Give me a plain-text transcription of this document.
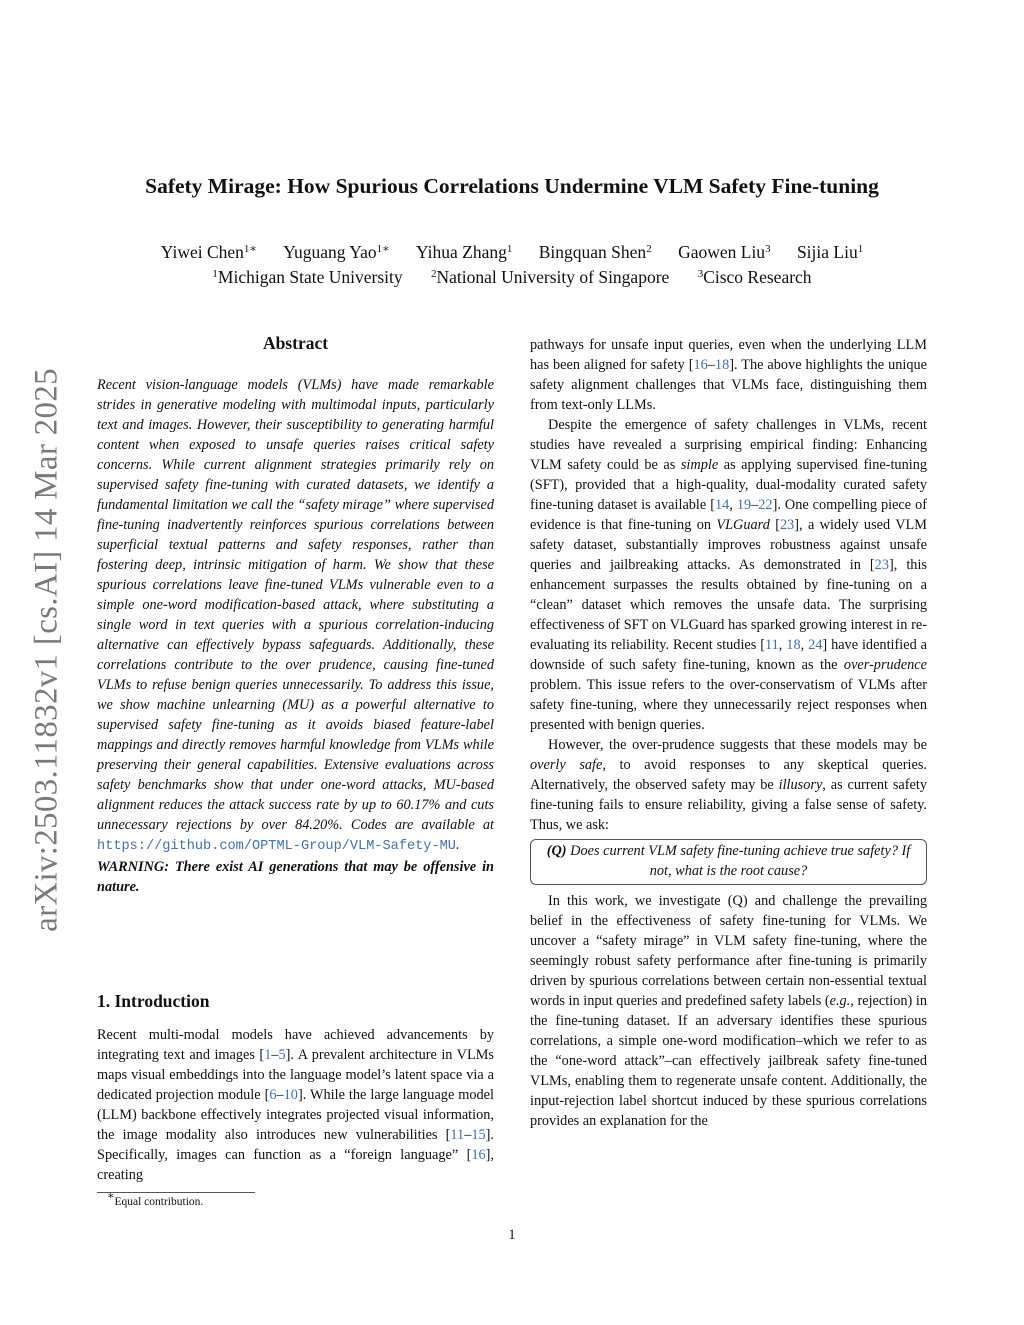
arXiv:2503.11832v1 [cs.AI] 14 Mar 2025
Safety Mirage: How Spurious Correlations Undermine VLM Safety Fine-tuning
Yiwei Chen$^{1∗}$ Yuguang Yao$^{1∗}$ Yihua Zhang$^1$ Bingquan Shen$^2$ Gaowen Liu$^3$ Sijia Liu$^1$
$^1$Michigan State University	$^2$National University of Singapore	$^3$Cisco Research
Abstract
Recent vision-language models (VLMs) have made remarkable strides in generative modeling with multimodal inputs, particularly text and images. However, their susceptibility to generating harmful content when exposed to unsafe queries raises critical safety concerns. While current alignment strategies primarily rely on supervised safety fine-tuning with curated datasets, we identify a fundamental limitation we call the “safety mirage” where supervised fine-tuning inadvertently reinforces spurious correlations between superficial textual patterns and safety responses, rather than fostering deep, intrinsic mitigation of harm. We show that these spurious correlations leave fine-tuned VLMs vulnerable even to a simple one-word modification-based attack, where substituting a single word in text queries with a spurious correlation-inducing alternative can effectively bypass safeguards. Additionally, these correlations contribute to the over prudence, causing fine-tuned VLMs to refuse benign queries unnecessarily. To address this issue, we show machine unlearning (MU) as a powerful alternative to supervised safety fine-tuning as it avoids biased feature-label mappings and directly removes harmful knowledge from VLMs while preserving their general capabilities. Extensive evaluations across safety benchmarks show that under one-word attacks, MU-based alignment reduces the attack success rate by up to 60.17% and cuts unnecessary rejections by over 84.20%. Codes are available at https://github.com/OPTML-Group/VLM-Safety-MU. WARNING: There exist AI generations that may be offensive in nature.
1. Introduction
Recent multi-modal models have achieved advancements by integrating text and images [1–5]. A prevalent architecture in VLMs maps visual embeddings into the language model’s latent space via a dedicated projection module [6–10]. While the large language model (LLM) backbone effectively integrates projected visual information, the image modality also introduces new vulnerabilities [11–15]. Specifically, images can function as a “foreign language” [16], creating

pathways for unsafe input queries, even when the underlying LLM has been aligned for safety [16–18]. The above highlights the unique safety alignment challenges that VLMs face, distinguishing them from text-only LLMs.

Despite the emergence of safety challenges in VLMs, recent studies have revealed a surprising empirical finding: Enhancing VLM safety could be as simple as applying supervised fine-tuning (SFT), provided that a high-quality, dual-modality curated safety fine-tuning dataset is available [14, 19–22]. One compelling piece of evidence is that fine-tuning on VLGuard [23], a widely used VLM safety dataset, substantially improves robustness against unsafe queries and jailbreaking attacks. As demonstrated in [23], this enhancement surpasses the results obtained by fine-tuning on a “clean” dataset which removes the unsafe data. The surprising effectiveness of SFT on VLGuard has sparked growing interest in re-evaluating its reliability. Recent studies [11, 18, 24] have identified a downside of such safety fine-tuning, known as the over-prudence problem. This issue refers to the over-conservatism of VLMs after safety fine-tuning, where they unnecessarily reject responses when presented with benign queries.

However, the over-prudence suggests that these models may be overly safe, to avoid responses to any skeptical queries. Alternatively, the observed safety may be illusory, as current safety fine-tuning fails to ensure reliability, giving a false sense of safety. Thus, we ask:

(Q) Does current VLM safety fine-tuning achieve true safety? If not, what is the root cause?

In this work, we investigate (Q) and challenge the prevailing belief in the effectiveness of safety fine-tuning for VLMs. We uncover a “safety mirage” in VLM safety fine-tuning, where the seemingly robust safety performance after fine-tuning is primarily driven by spurious correlations between certain non-essential textual words in input queries and predefined safety labels (e.g., rejection) in the fine-tuning dataset. If an adversary identifies these spurious correlations, a simple one-word modification–which we refer to as the “one-word attack”–can effectively jailbreak safety fine-tuned VLMs, enabling them to regenerate unsafe content. Additionally, the input-rejection label shortcut induced by these spurious correlations provides an explanation for the

∗Equal contribution.
1
